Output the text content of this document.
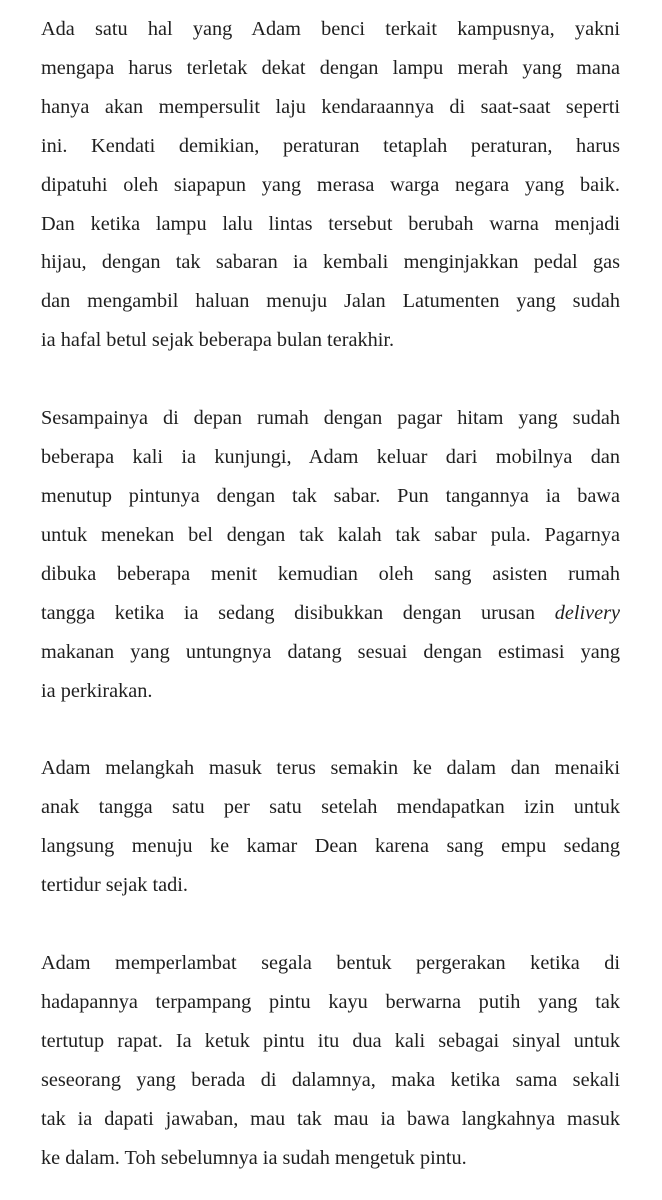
Ada satu hal yang Adam benci terkait kampusnya, yakni
mengapa harus terletak dekat dengan lampu merah yang mana
hanya akan mempersulit laju kendaraannya di saat-saat seperti
ini. Kendati demikian, peraturan tetaplah peraturan, harus
dipatuhi oleh siapapun yang merasa warga negara yang baik.
Dan ketika lampu lalu lintas tersebut berubah warna menjadi
hijau, dengan tak sabaran ia kembali menginjakkan pedal gas
dan mengambil haluan menuju Jalan Latumenten yang sudah
ia hafal betul sejak beberapa bulan terakhir.

Sesampainya di depan rumah dengan pagar hitam yang sudah
beberapa kali ia kunjungi, Adam keluar dari mobilnya dan
menutup pintunya dengan tak sabar. Pun tangannya ia bawa
untuk menekan bel dengan tak kalah tak sabar pula. Pagarnya
dibuka beberapa menit kemudian oleh sang asisten rumah
tangga ketika ia sedang disibukkan dengan urusan delivery
makanan yang untungnya datang sesuai dengan estimasi yang
ia perkirakan.

Adam melangkah masuk terus semakin ke dalam dan menaiki
anak tangga satu per satu setelah mendapatkan izin untuk
langsung menuju ke kamar Dean karena sang empu sedang
tertidur sejak tadi.

Adam memperlambat segala bentuk pergerakan ketika di
hadapannya terpampang pintu kayu berwarna putih yang tak
tertutup rapat. Ia ketuk pintu itu dua kali sebagai sinyal untuk
seseorang yang berada di dalamnya, maka ketika sama sekali
tak ia dapati jawaban, mau tak mau ia bawa langkahnya masuk
ke dalam. Toh sebelumnya ia sudah mengetuk pintu.
